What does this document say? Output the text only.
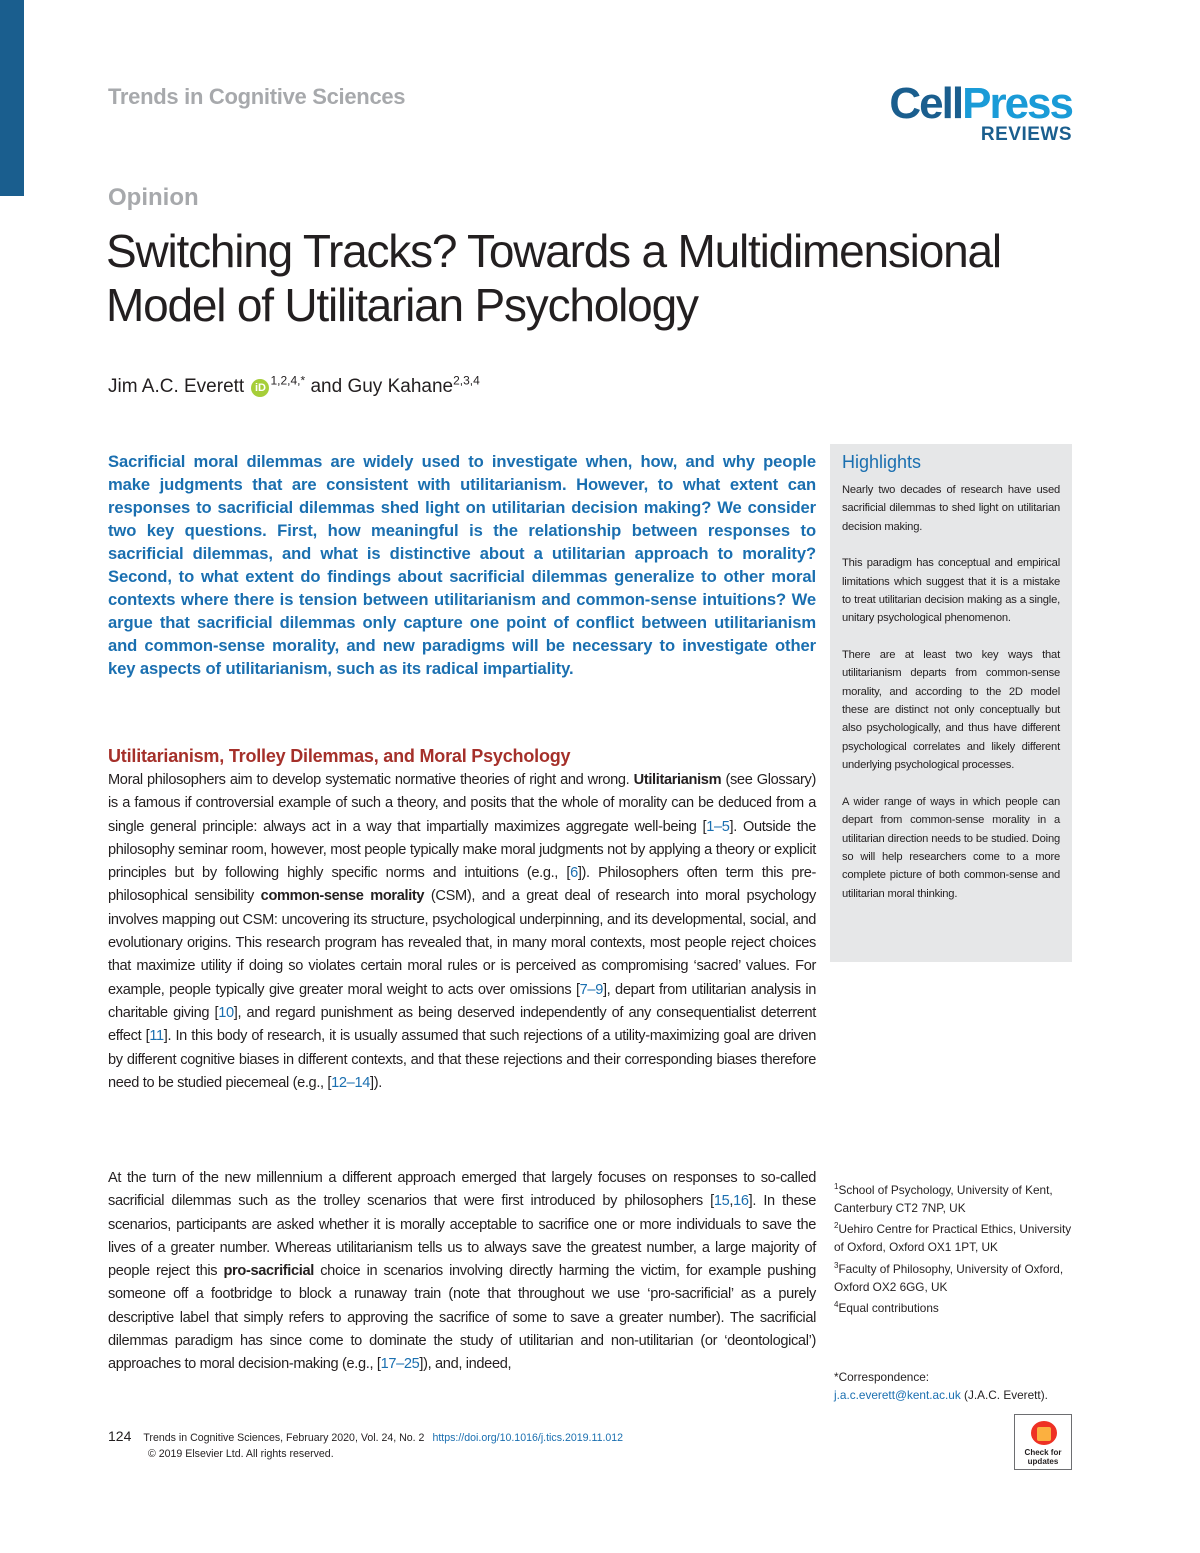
Trends in Cognitive Sciences	CellPress
REVIEWS
Opinion
Switching Tracks? Towards a Multidimensional Model of Utilitarian Psychology
Jim A.C. Everett $iD^{1,2,4,*}$ and Guy Kahane$^{2,3,4}$

Sacrificial moral dilemmas are widely used to investigate when, how, and why people make judgments that are consistent with utilitarianism. However, to what extent can responses to sacrificial dilemmas shed light on utilitarian decision making? We consider two key questions. First, how meaningful is the relationship between responses to sacrificial dilemmas, and what is distinctive about a utilitarian approach to morality? Second, to what extent do findings about sacrificial dilemmas generalize to other moral contexts where there is tension between utilitarianism and common-sense intuitions? We argue that sacrificial dilemmas only capture one point of conflict between utilitarianism and common-sense morality, and new paradigms will be necessary to investigate other key aspects of utilitarianism, such as its radical impartiality.

Utilitarianism, Trolley Dilemmas, and Moral Psychology

Moral philosophers aim to develop systematic normative theories of right and wrong. Utilitarianism (see Glossary) is a famous if controversial example of such a theory, and posits that the whole of morality can be deduced from a single general principle: always act in a way that impartially maximizes aggregate well-being [1–5]. Outside the philosophy seminar room, however, most people typically make moral judgments not by applying a theory or explicit principles but by following highly specific norms and intuitions (e.g., [6]). Philosophers often term this pre-philosophical sensibility common-sense morality (CSM), and a great deal of research into moral psychology involves mapping out CSM: uncovering its structure, psychological underpinning, and its developmental, social, and evolutionary origins. This research program has revealed that, in many moral contexts, most people reject choices that maximize utility if doing so violates certain moral rules or is perceived as compromising ‘sacred’ values. For example, people typically give greater moral weight to acts over omissions [7–9], depart from utilitarian analysis in charitable giving [10], and regard punishment as being deserved independently of any consequentialist deterrent effect [11]. In this body of research, it is usually assumed that such rejections of a utility-maximizing goal are driven by different cognitive biases in different contexts, and that these rejections and their corresponding biases therefore need to be studied piecemeal (e.g., [12–14]).

At the turn of the new millennium a different approach emerged that largely focuses on responses to so-called sacrificial dilemmas such as the trolley scenarios that were first introduced by philosophers [15,16]. In these scenarios, participants are asked whether it is morally acceptable to sacrifice one or more individuals to save the lives of a greater number. Whereas utilitarianism tells us to always save the greatest number, a large majority of people reject this pro-sacrificial choice in scenarios involving directly harming the victim, for example pushing someone off a footbridge to block a runaway train (note that throughout we use ‘pro-sacrificial’ as a purely descriptive label that simply refers to approving the sacrifice of some to save a greater number). The sacrificial dilemmas paradigm has since come to dominate the study of utilitarian and non-utilitarian (or ‘deontological’) approaches to moral decision-making (e.g., [17–25]), and, indeed,

Highlights

Nearly two decades of research have used sacrificial dilemmas to shed light on utilitarian decision making.

This paradigm has conceptual and empirical limitations which suggest that it is a mistake to treat utilitarian decision making as a single, unitary psychological phenomenon.

There are at least two key ways that utilitarianism departs from common-sense morality, and according to the 2D model these are distinct not only conceptually but also psychologically, and thus have different psychological correlates and likely different underlying psychological processes.

A wider range of ways in which people can depart from common-sense morality in a utilitarian direction needs to be studied. Doing so will help researchers come to a more complete picture of both common-sense and utilitarian moral thinking.

$^1$School of Psychology, University of Kent, Canterbury CT2 7NP, UK
$^2$Uehiro Centre for Practical Ethics, University of Oxford, Oxford OX1 1PT, UK
$^3$Faculty of Philosophy, University of Oxford, Oxford OX2 6GG, UK
$^4$Equal contributions
*Correspondence:
j.a.c.everett@kent.ac.uk (J.A.C. Everett).
124 Trends in Cognitive Sciences, February 2020, Vol. 24, No. 2 https://doi.org/10.1016/j.tics.2019.11.012
© 2019 Elsevier Ltd. All rights reserved.	Check for updates
